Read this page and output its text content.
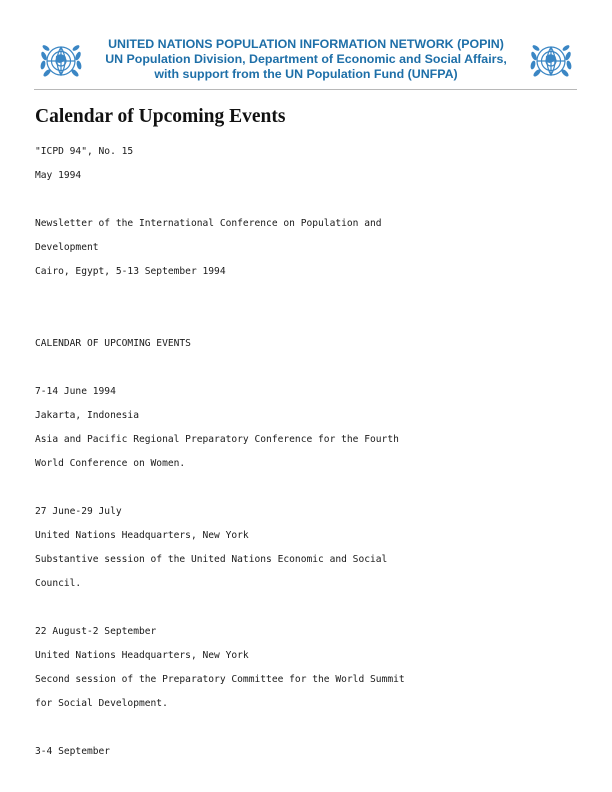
UNITED NATIONS POPULATION INFORMATION NETWORK (POPIN)
UN Population Division, Department of Economic and Social Affairs,
with support from the UN Population Fund (UNFPA)
Calendar of Upcoming Events
"ICPD 94", No. 15
May 1994
Newsletter of the International Conference on Population and
Development
Cairo, Egypt, 5-13 September 1994
CALENDAR OF UPCOMING EVENTS
7-14 June 1994
Jakarta, Indonesia
Asia and Pacific Regional Preparatory Conference for the Fourth
World Conference on Women.
27 June-29 July
United Nations Headquarters, New York
Substantive session of the United Nations Economic and Social
Council.
22 August-2 September
United Nations Headquarters, New York
Second session of the Preparatory Committee for the World Summit
for Social Development.
3-4 September
